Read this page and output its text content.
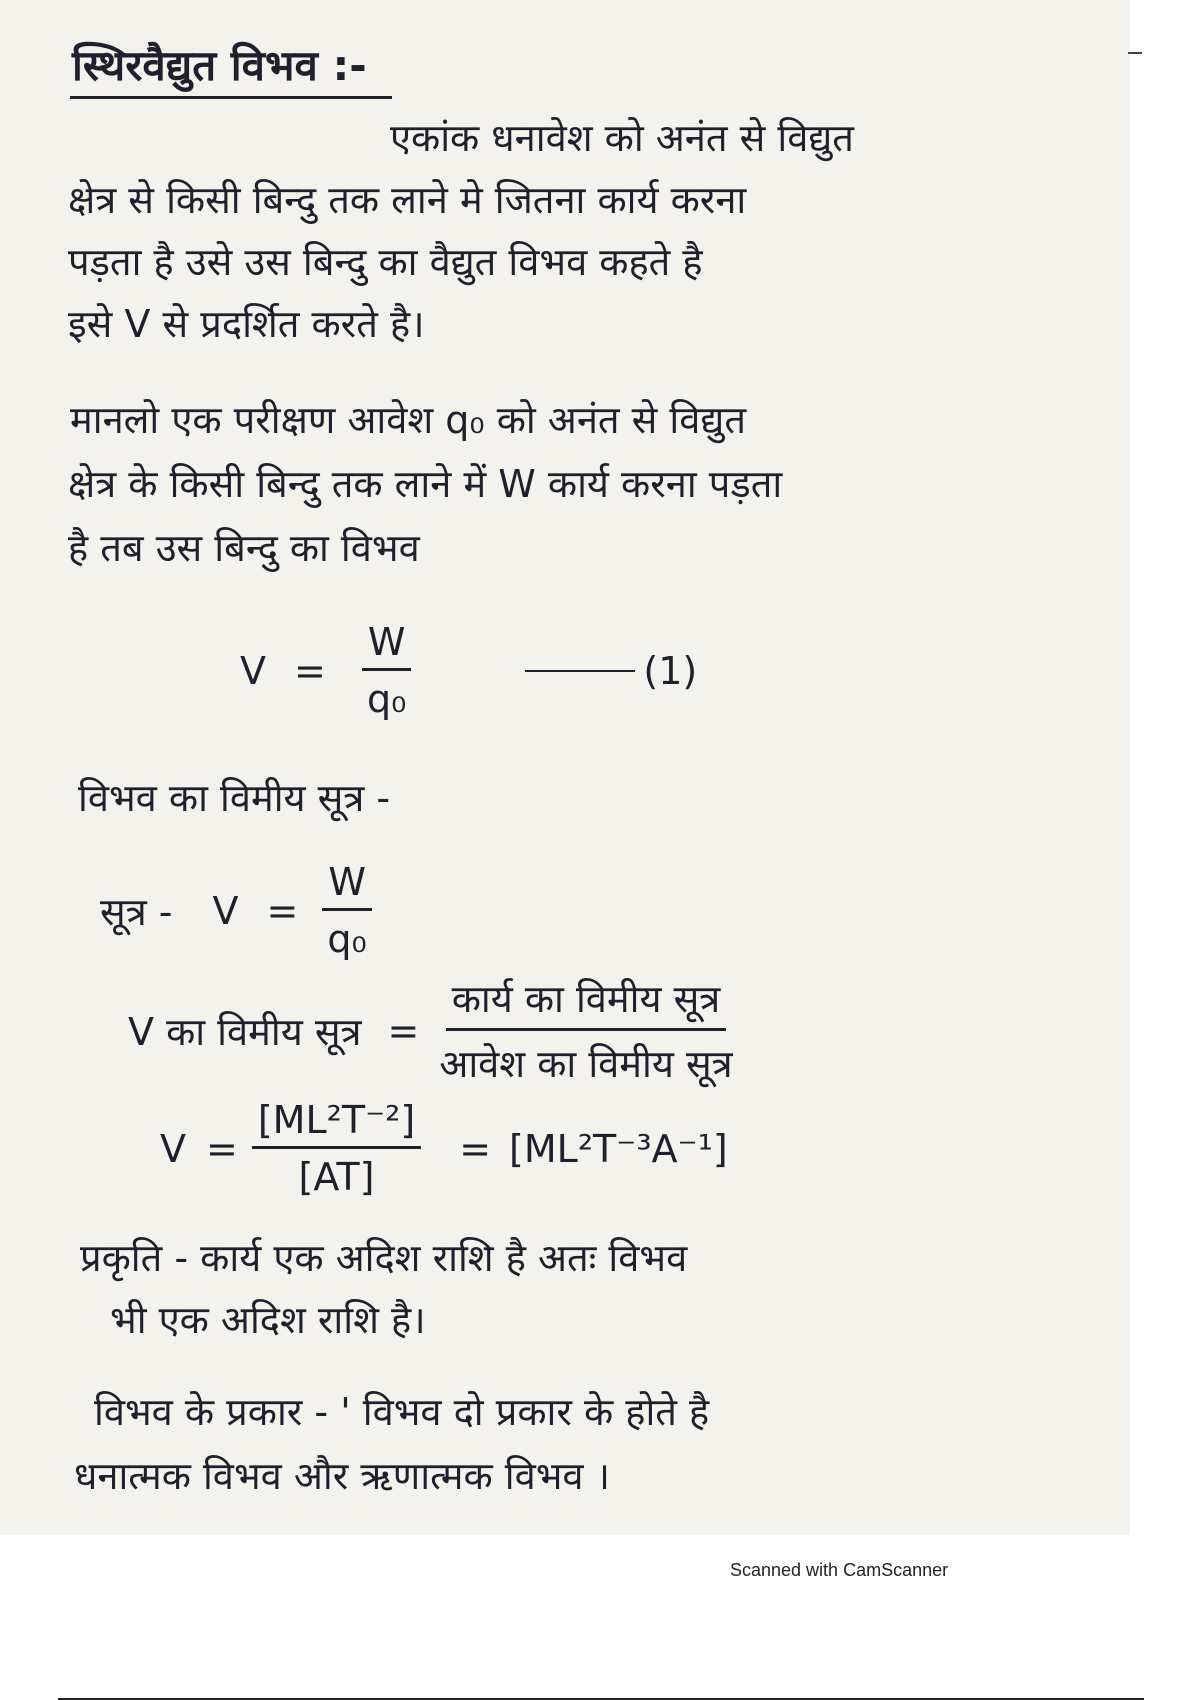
स्थिरवैद्युत विभव :-

एकांक धनावेश को अनंत से विद्युत

क्षेत्र से किसी बिन्दु तक लाने मे जितना कार्य करना

पड़ता है उसे उस बिन्दु का वैद्युत विभव कहते है

इसे V से प्रदर्शित करते है।

मानलो एक परीक्षण आवेश q₀ को अनंत से विद्युत

क्षेत्र के किसी बिन्दु तक लाने में W कार्य करना पड़ता

है तब उस बिन्दु का विभव

$V = \frac{W}{\text{q₀}}$	(1)

विभव का विमीय सूत्र -

सूत्र - $V = \frac{W}{\text{q₀}}$
V का विमीय सूत्र = $\frac{\text{कार्य का विमीय सूत्र}}{\text{आवेश का विमीय सूत्र}}$
$V = \frac{\text{[ML²T⁻²]}}{[AT]} = [ML^2T^{-3}A^{-1}]$

प्रकृति - कार्य एक अदिश राशि है अतः विभव

भी एक अदिश राशि है।

विभव के प्रकार - ' विभव दो प्रकार के होते है

धनात्मक विभव और ऋणात्मक विभव ।

Scanned with CamScanner
